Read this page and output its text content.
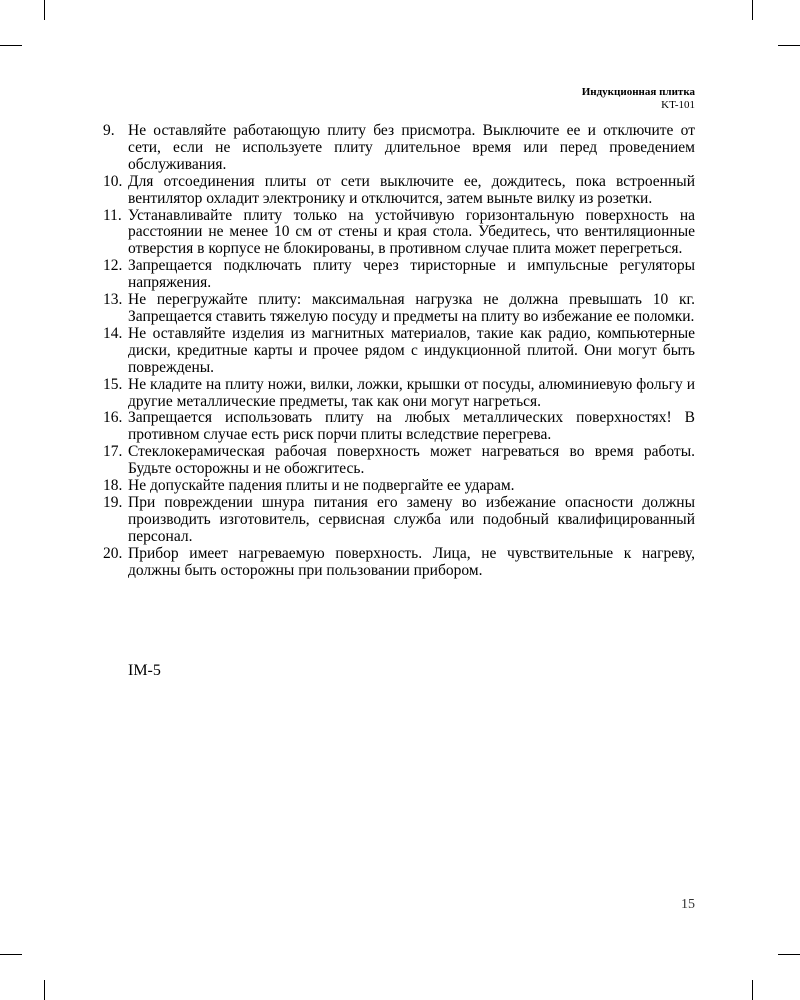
Индукционная плитка
KT-101
9. Не оставляйте работающую плиту без присмотра. Выключите ее и отключите от сети, если не используете плиту длительное время или перед проведением обслуживания.
10. Для отсоединения плиты от сети выключите ее, дождитесь, пока встроенный вентилятор охладит электронику и отключится, затем выньте вилку из розетки.
11. Устанавливайте плиту только на устойчивую горизонтальную поверхность на расстоянии не менее 10 см от стены и края стола. Убедитесь, что вентиляционные отверстия в корпусе не блокированы, в противном случае плита может перегреться.
12. Запрещается подключать плиту через тиристорные и импульсные регуляторы напряжения.
13. Не перегружайте плиту: максимальная нагрузка не должна превышать 10 кг. Запрещается ставить тяжелую посуду и предметы на плиту во избежание ее поломки.
14. Не оставляйте изделия из магнитных материалов, такие как радио, компьютерные диски, кредитные карты и прочее рядом с индукционной плитой. Они могут быть повреждены.
15. Не кладите на плиту ножи, вилки, ложки, крышки от посуды, алюминиевую фольгу и другие металлические предметы, так как они могут нагреться.
16. Запрещается использовать плиту на любых металлических поверхностях! В противном случае есть риск порчи плиты вследствие перегрева.
17. Стеклокерамическая рабочая поверхность может нагреваться во время работы. Будьте осторожны и не обожгитесь.
18. Не допускайте падения плиты и не подвергайте ее ударам.
19. При повреждении шнура питания его замену во избежание опасности должны производить изготовитель, сервисная служба или подобный квалифицированный персонал.
20. Прибор имеет нагреваемую поверхность. Лица, не чувствительные к нагреву, должны быть осторожны при пользовании прибором.
IM-5
15
